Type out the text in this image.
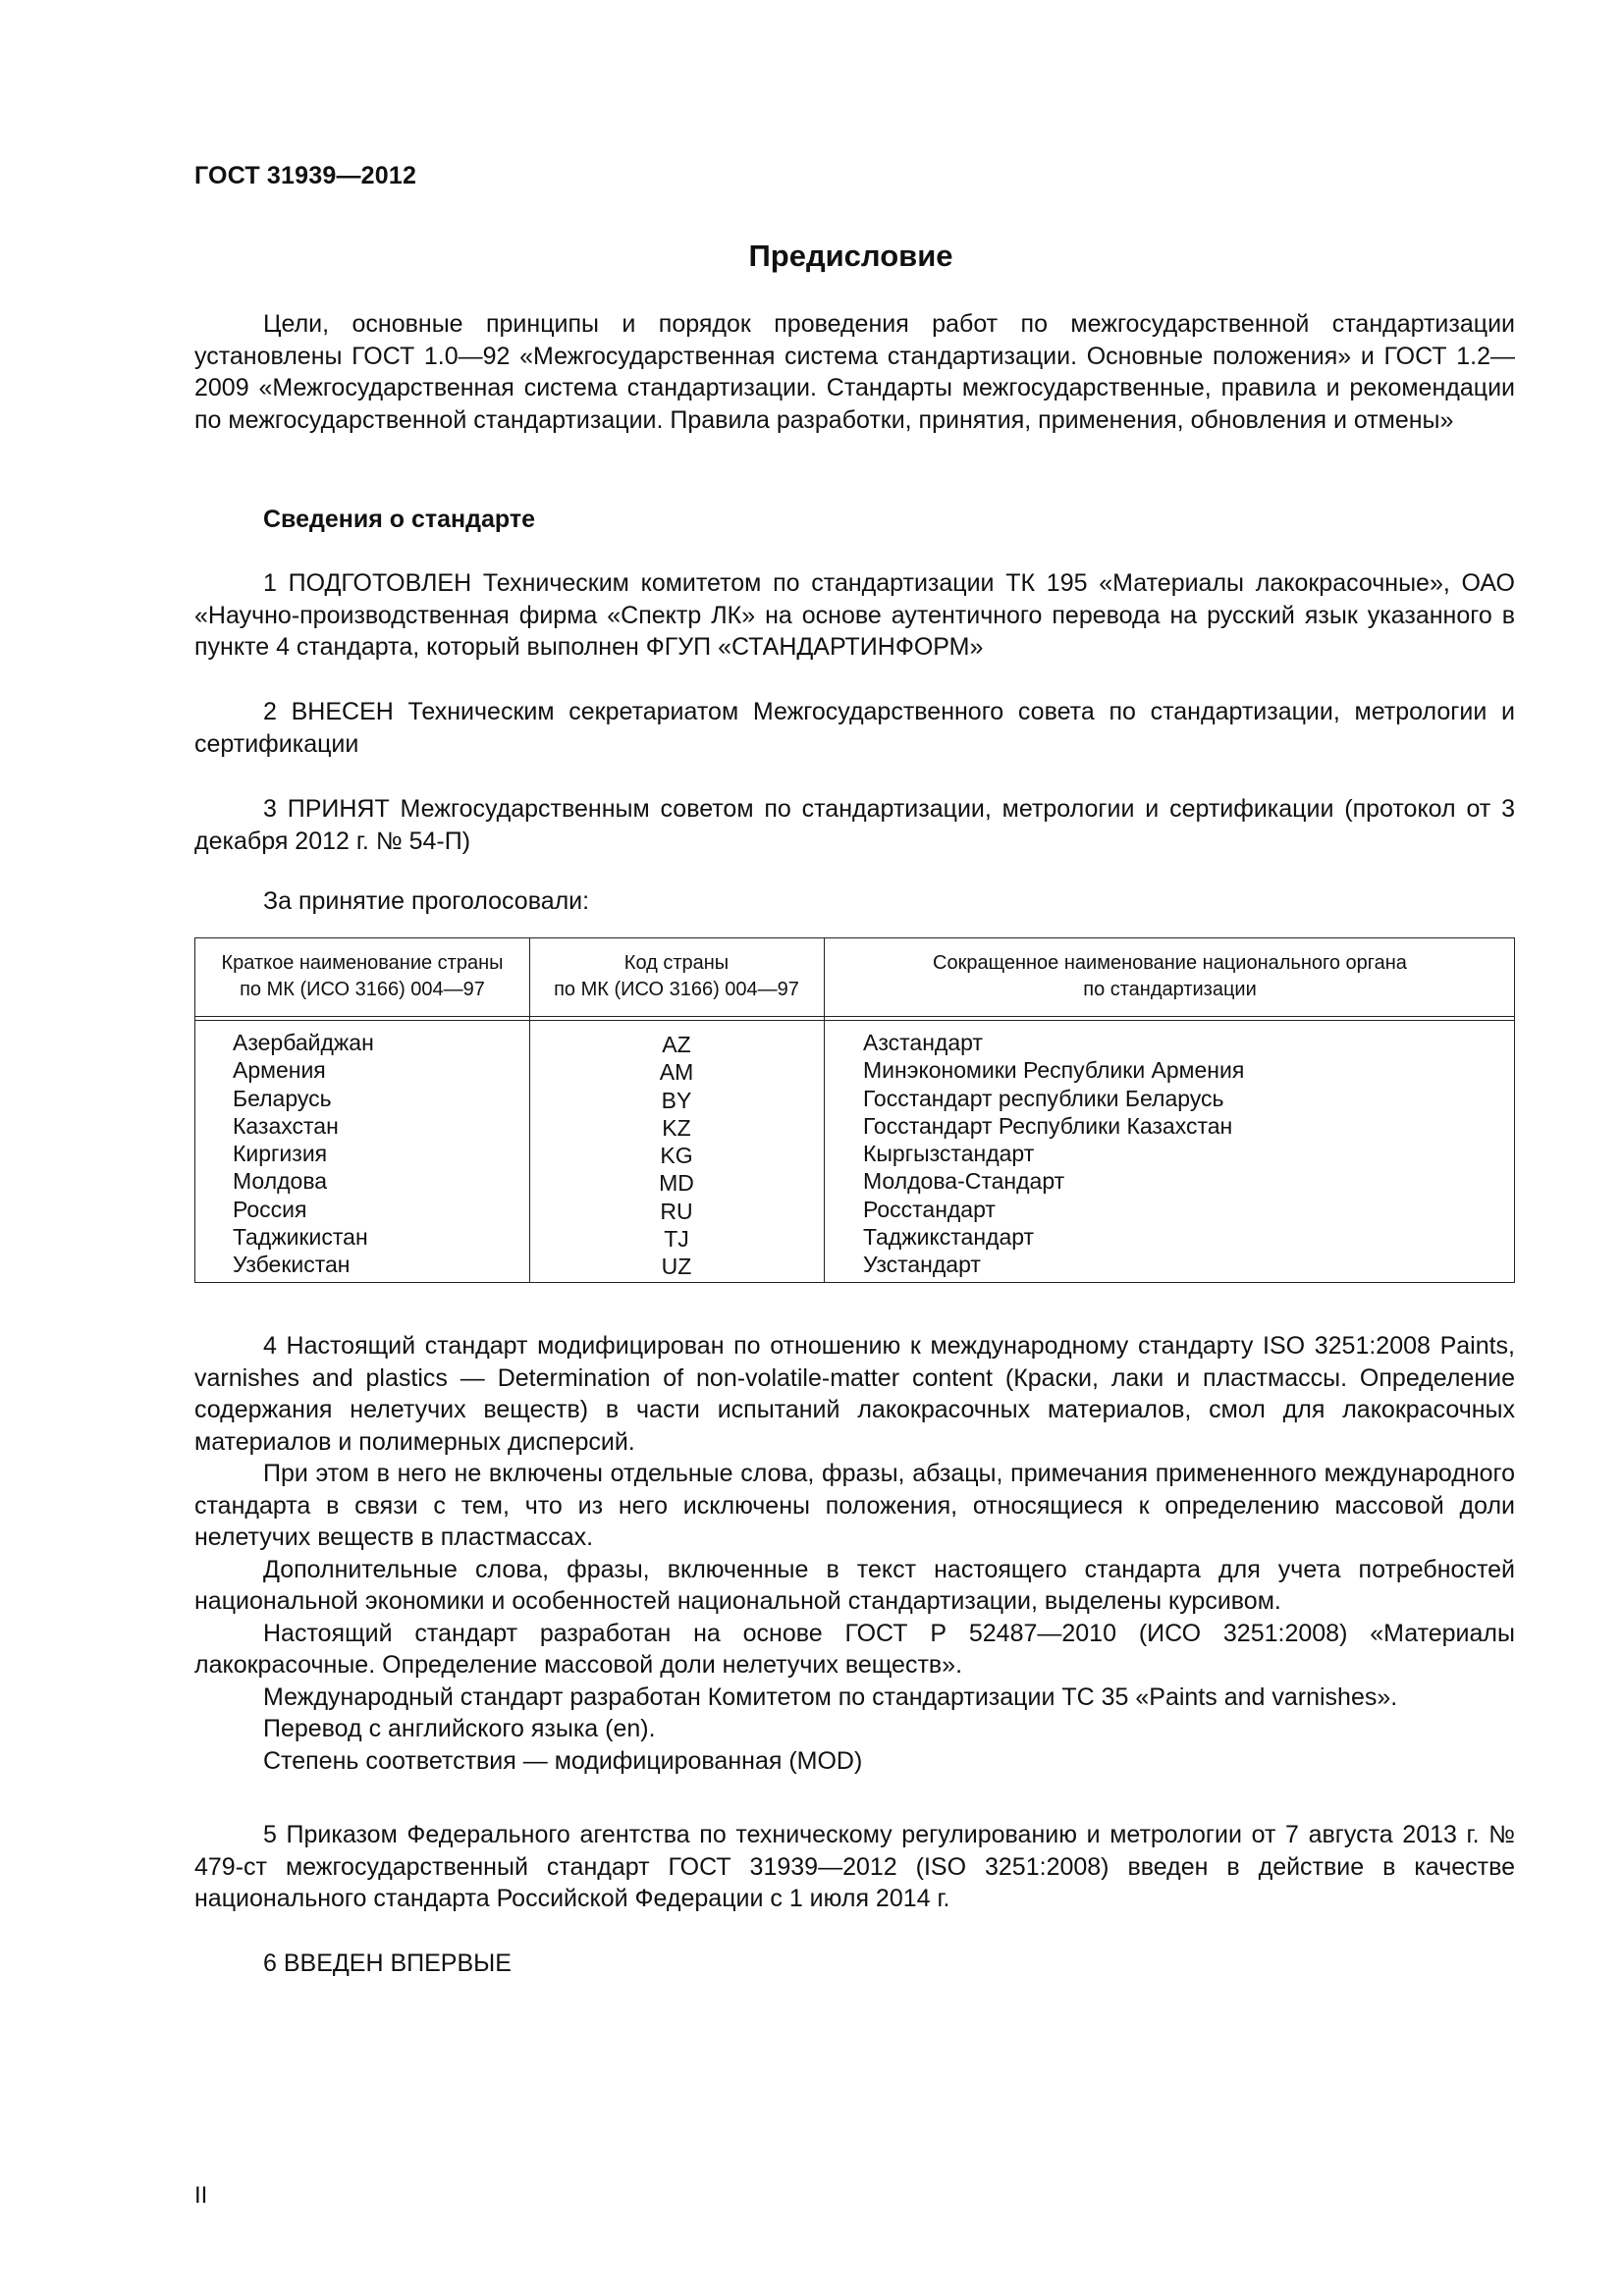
ГОСТ 31939—2012
Предисловие

Цели, основные принципы и порядок проведения работ по межгосударственной стандартизации установлены ГОСТ 1.0—92 «Межгосударственная система стандартизации. Основные положения» и ГОСТ 1.2—2009 «Межгосударственная система стандартизации. Стандарты межгосударственные, правила и рекомендации по межгосударственной стандартизации. Правила разработки, принятия, применения, обновления и отмены»

Сведения о стандарте

1 ПОДГОТОВЛЕН Техническим комитетом по стандартизации ТК 195 «Материалы лакокрасочные», ОАО «Научно-производственная фирма «Спектр ЛК» на основе аутентичного перевода на русский язык указанного в пункте 4 стандарта, который выполнен ФГУП «СТАНДАРТИНФОРМ»

2 ВНЕСЕН Техническим секретариатом Межгосударственного совета по стандартизации, метрологии и сертификации

3 ПРИНЯТ Межгосударственным советом по стандартизации, метрологии и сертификации (протокол от 3 декабря 2012 г. № 54-П)

За принятие проголосовали:
Краткое наименование страны
по МК (ИСО 3166) 004—97
Код страны
по МК (ИСО 3166) 004—97
Сокращенное наименование национального органа
по стандартизации
Азербайджан
Армения
Беларусь
Казахстан
Киргизия
Молдова
Россия
Таджикистан
Узбекистан
AZ
AM
BY
KZ
KG
MD
RU
TJ
UZ
Азстандарт
Минэкономики Республики Армения
Госстандарт республики Беларусь
Госстандарт Республики Казахстан
Кыргызстандарт
Молдова-Стандарт
Росстандарт
Таджикстандарт
Узстандарт

4 Настоящий стандарт модифицирован по отношению к международному стандарту ISO 3251:2008 Paints, varnishes and plastics — Determination of non-volatile-matter content (Краски, лаки и пластмассы. Определение содержания нелетучих веществ) в части испытаний лакокрасочных материалов, смол для лакокрасочных материалов и полимерных дисперсий.

При этом в него не включены отдельные слова, фразы, абзацы, примечания примененного международного стандарта в связи с тем, что из него исключены положения, относящиеся к определению массовой доли нелетучих веществ в пластмассах.

Дополнительные слова, фразы, включенные в текст настоящего стандарта для учета потребностей национальной экономики и особенностей национальной стандартизации, выделены курсивом.

Настоящий стандарт разработан на основе ГОСТ Р 52487—2010 (ИСО 3251:2008) «Материалы лакокрасочные. Определение массовой доли нелетучих веществ».

Международный стандарт разработан Комитетом по стандартизации ТС 35 «Paints and varnishes».

Перевод с английского языка (en).

Степень соответствия — модифицированная (MOD)

5 Приказом Федерального агентства по техническому регулированию и метрологии от 7 августа 2013 г. № 479-ст межгосударственный стандарт ГОСТ 31939—2012 (ISO 3251:2008) введен в действие в качестве национального стандарта Российской Федерации с 1 июля 2014 г.

6 ВВЕДЕН ВПЕРВЫЕ

II
